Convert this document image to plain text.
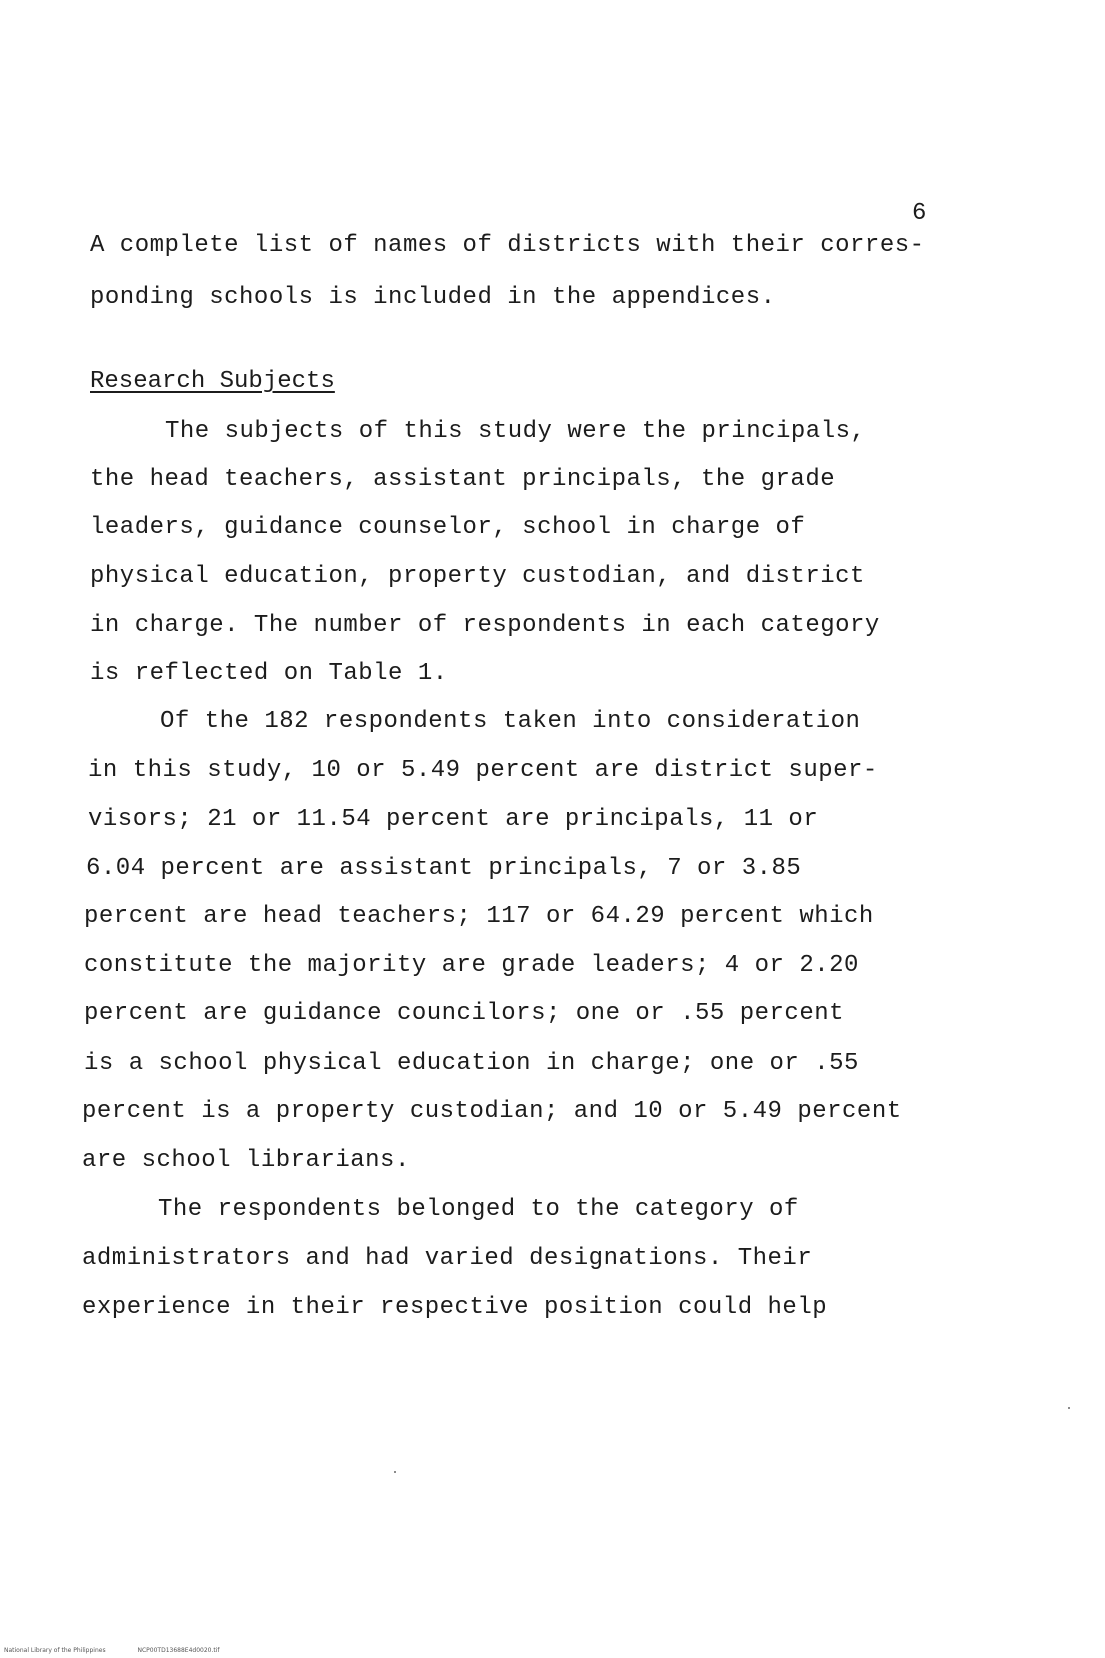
6
A complete list of names of districts with their corres-
ponding schools is included in the appendices.
Research Subjects
The subjects of this study were the principals,
the head teachers, assistant principals, the grade
leaders, guidance counselor, school in charge of
physical education, property custodian, and district
in charge. The number of respondents in each category
is reflected on Table 1.
Of the 182 respondents taken into consideration
in this study, 10 or 5.49 percent are district super-
visors; 21 or 11.54 percent are principals, 11 or
6.04 percent are assistant principals, 7 or 3.85
percent are head teachers; 117 or 64.29 percent which
constitute the majority are grade leaders; 4 or 2.20
percent are guidance councilors; one or .55 percent
is a school physical education in charge; one or .55
percent is a property custodian; and 10 or 5.49 percent
are school librarians.
The respondents belonged to the category of
administrators and had varied designations. Their
experience in their respective position could help
National Library of the Philippines	NCP00TD13688E4d0020.tif
